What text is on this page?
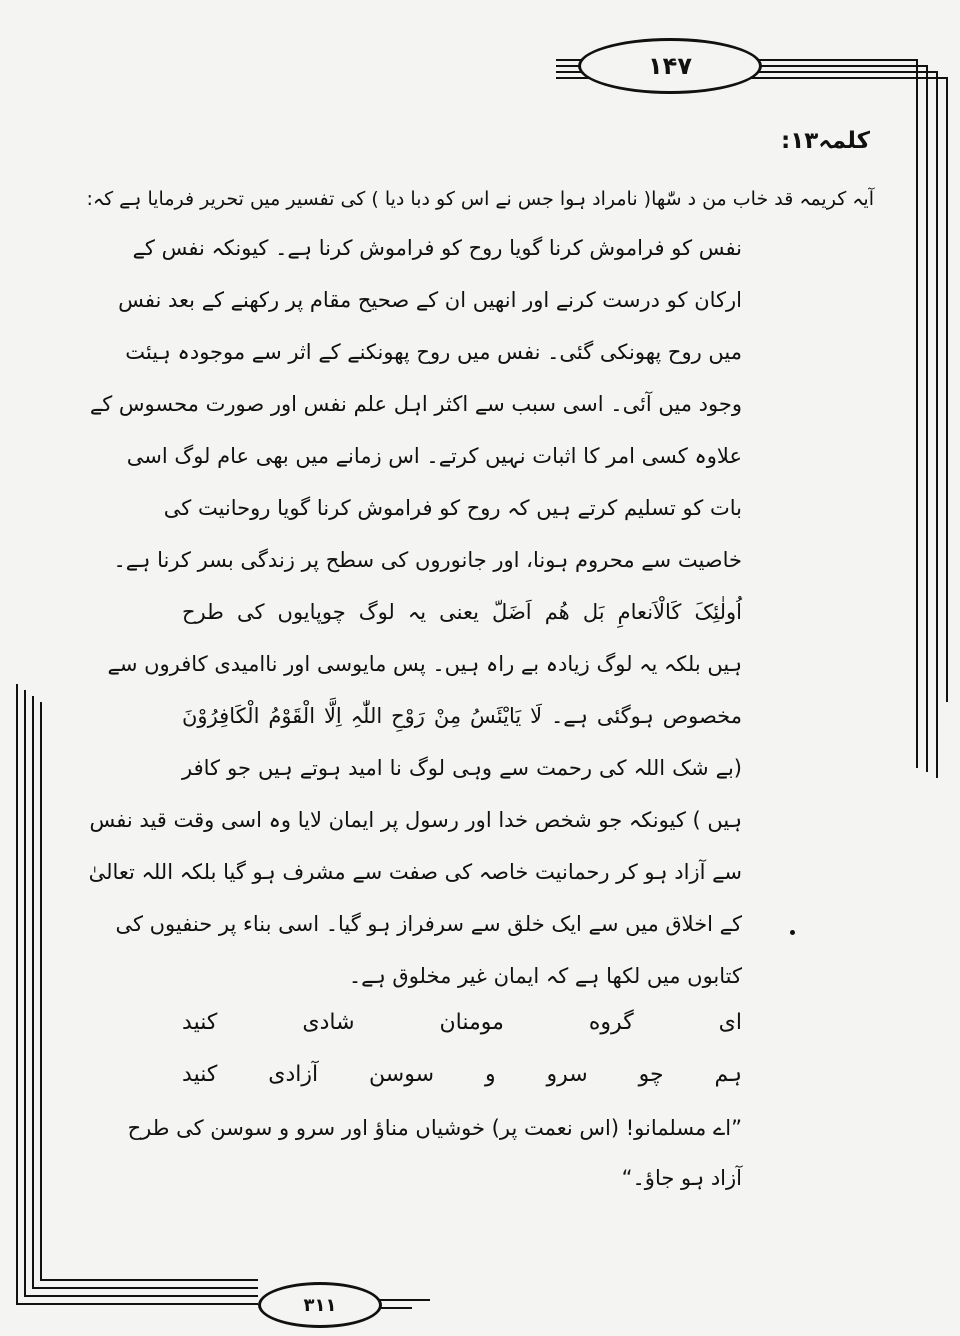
۱۴۷
کلمہ۱۳:
آیہ کریمہ قد خاب من د سّٰھا( نامراد ہوا جس نے اس کو دبا دیا ) کی تفسیر میں تحریر فرمایا ہے کہ:
نفس کو فراموش کرنا گویا روح کو فراموش کرنا ہے۔ کیونکہ نفس کے
ارکان کو درست کرنے اور انھیں ان کے صحیح مقام پر رکھنے کے بعد نفس
میں روح پھونکی گئی۔ نفس میں روح پھونکنے کے اثر سے موجودہ ہیئت
وجود میں آئی۔ اسی سبب سے اکثر اہل علم نفس اور صورت محسوس کے
علاوہ کسی امر کا اثبات نہیں کرتے۔ اس زمانے میں بھی عام لوگ اسی
بات کو تسلیم کرتے ہیں کہ روح کو فراموش کرنا گویا روحانیت کی
خاصیت سے محروم ہونا، اور جانوروں کی سطح پر زندگی بسر کرنا ہے۔
اُولٰئِکَ کَالْاَنعامِ بَل ھُم اَضَلّ یعنی یہ لوگ چوپایوں کی طرح
ہیں بلکہ یہ لوگ زیادہ بے راہ ہیں۔ پس مایوسی اور ناامیدی کافروں سے
مخصوص ہوگئی ہے۔ لَا یَایْئَسُ مِنْ رَوْحِ اللّٰہِ اِلَّا الْقَوْمُ الْکَافِرُوْنَ
(بے شک اللہ کی رحمت سے وہی لوگ نا امید ہوتے ہیں جو کافر
ہیں ) کیونکہ جو شخص خدا اور رسول پر ایمان لایا وہ اسی وقت قید نفس
سے آزاد ہو کر رحمانیت خاصہ کی صفت سے مشرف ہو گیا بلکہ اللہ تعالیٰ
کے اخلاق میں سے ایک خلق سے سرفراز ہو گیا۔ اسی بناء پر حنفیوں کی
کتابوں میں لکھا ہے کہ ایمان غیر مخلوق ہے۔
ای
گروه
مومنان
شادی
کنید
ہم
چو
سرو
و
سوسن
آزادی
کنید
”اے مسلمانو! (اس نعمت پر) خوشیاں مناؤ اور سرو و سوسن کی طرح
آزاد ہو جاؤ۔“
۳۱۱
